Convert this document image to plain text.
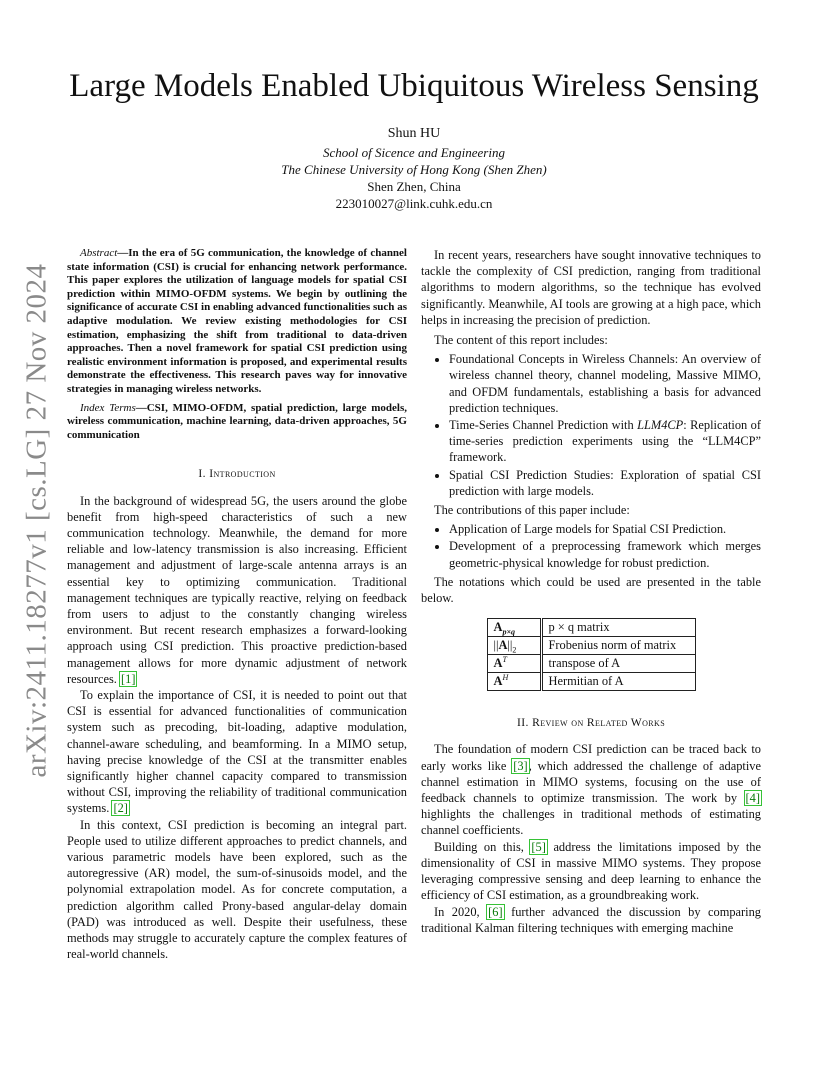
arXiv:2411.18277v1 [cs.LG] 27 Nov 2024
Large Models Enabled Ubiquitous Wireless Sensing
Shun HU
School of Sicence and Engineering
The Chinese University of Hong Kong (Shen Zhen)
Shen Zhen, China
223010027@link.cuhk.edu.cn

Abstract—In the era of 5G communication, the knowledge of channel state information (CSI) is crucial for enhancing network performance. This paper explores the utilization of language models for spatial CSI prediction within MIMO-OFDM systems. We begin by outlining the significance of accurate CSI in enabling advanced functionalities such as adaptive modulation. We review existing methodologies for CSI estimation, emphasizing the shift from traditional to data-driven approaches. Then a novel framework for spatial CSI prediction using realistic environment information is proposed, and experimental results demonstrate the effectiveness. This research paves way for innovative strategies in managing wireless networks.

Index Terms—CSI, MIMO-OFDM, spatial prediction, large models, wireless communication, machine learning, data-driven approaches, 5G communication

I. Introduction

In the background of widespread 5G, the users around the globe benefit from high-speed characteristics of such a new communication technology. Meanwhile, the demand for more reliable and low-latency transmission is also increasing. Efficient management and adjustment of large-scale antenna arrays is an essential key to optimizing communication. Traditional management techniques are typically reactive, relying on feedback from users to adjust to the constantly changing wireless environment. But recent research emphasizes a forward-looking approach using CSI prediction. This proactive prediction-based management allows for more dynamic adjustment of network resources. [1]

To explain the importance of CSI, it is needed to point out that CSI is essential for advanced functionalities of communication system such as precoding, bit-loading, adaptive modulation, channel-aware scheduling, and beamforming. In a MIMO setup, having precise knowledge of the CSI at the transmitter enables significantly higher channel capacity compared to transmission without CSI, improving the reliability of traditional communication systems. [2]

In this context, CSI prediction is becoming an integral part. People used to utilize different approaches to predict channels, and various parametric models have been explored, such as the autoregressive (AR) model, the sum-of-sinusoids model, and the polynomial extrapolation model. As for concrete computation, a prediction algorithm called Prony-based angular-delay domain (PAD) was introduced as well. Despite their usefulness, these methods may struggle to accurately capture the complex features of real-world channels.

In recent years, researchers have sought innovative techniques to tackle the complexity of CSI prediction, ranging from traditional algorithms to modern algorithms, so the technique has evolved significantly. Meanwhile, AI tools are growing at a high pace, which helps in increasing the precision of prediction.

The content of this report includes:

• Foundational Concepts in Wireless Channels: An overview of wireless channel theory, channel modeling, Massive MIMO, and OFDM fundamentals, establishing a basis for advanced prediction techniques.
• Time-Series Channel Prediction with LLM4CP: Replication of time-series prediction experiments using the “LLM4CP” framework.
• Spatial CSI Prediction Studies: Exploration of spatial CSI prediction with large models.

The contributions of this paper include:

• Application of Large models for Spatial CSI Prediction.
• Development of a preprocessing framework which merges geometric-physical knowledge for robust prediction.

The notations which could be used are presented in the table below.

$A_{p\times q}$	p × q matrix
$||A||_2$	Frobenius norm of matrix
$A^T$	transpose of A
$A^H$	Hermitian of A

II. Review on Related Works

The foundation of modern CSI prediction can be traced back to early works like [3], which addressed the challenge of adaptive channel estimation in MIMO systems, focusing on the use of feedback channels to optimize transmission. The work by [4] highlights the challenges in traditional methods of estimating channel coefficients.

Building on this, [5] address the limitations imposed by the dimensionality of CSI in massive MIMO systems. They propose leveraging compressive sensing and deep learning to enhance the efficiency of CSI estimation, as a groundbreaking work.

In 2020, [6] further advanced the discussion by comparing traditional Kalman filtering techniques with emerging machine
